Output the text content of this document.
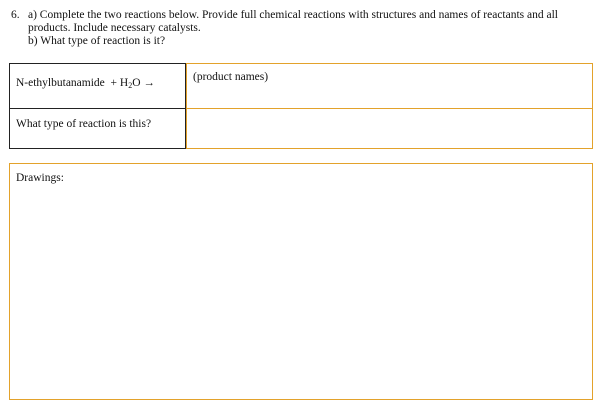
6. a) Complete the two reactions below. Provide full chemical reactions with structures and names of reactants and all
products. Include necessary catalysts.
b) What type of reaction is it?
N-ethylbutanamide + $H_2O$ →	(product names)
What type of reaction is this?
Drawings:
